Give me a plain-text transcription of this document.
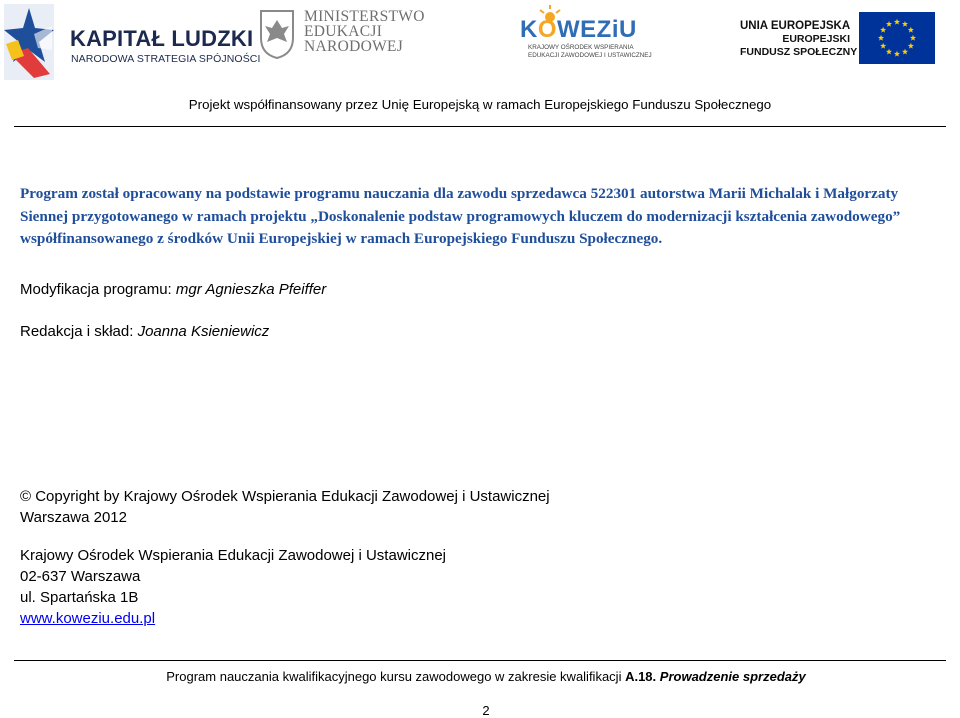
KAPITAŁ LUDZKI
NARODOWA STRATEGIA SPÓJNOŚCI
MINISTERSTWO
EDUKACJI
NARODOWEJ
KOWEZiU
KRAJOWY OŚRODEK WSPIERANIA
EDUKACJI ZAWODOWEJ I USTAWICZNEJ
UNIA EUROPEJSKA
EUROPEJSKI
FUNDUSZ SPOŁECZNY
Projekt współfinansowany przez Unię Europejską w ramach Europejskiego Funduszu Społecznego
Program został opracowany na podstawie programu nauczania dla zawodu sprzedawca 522301 autorstwa Marii Michalak i Małgorzaty
Siennej przygotowanego w ramach projektu „Doskonalenie podstaw programowych kluczem do modernizacji kształcenia zawodowego”
współfinansowanego z środków Unii Europejskiej w ramach Europejskiego Funduszu Społecznego.
Modyfikacja programu: mgr Agnieszka Pfeiffer
Redakcja i skład: Joanna Ksieniewicz
© Copyright by Krajowy Ośrodek Wspierania Edukacji Zawodowej i Ustawicznej
Warszawa 2012
Krajowy Ośrodek Wspierania Edukacji Zawodowej i Ustawicznej
02-637 Warszawa
ul. Spartańska 1B
www.koweziu.edu.pl
Program nauczania kwalifikacyjnego kursu zawodowego w zakresie kwalifikacji A.18. Prowadzenie sprzedaży
2
